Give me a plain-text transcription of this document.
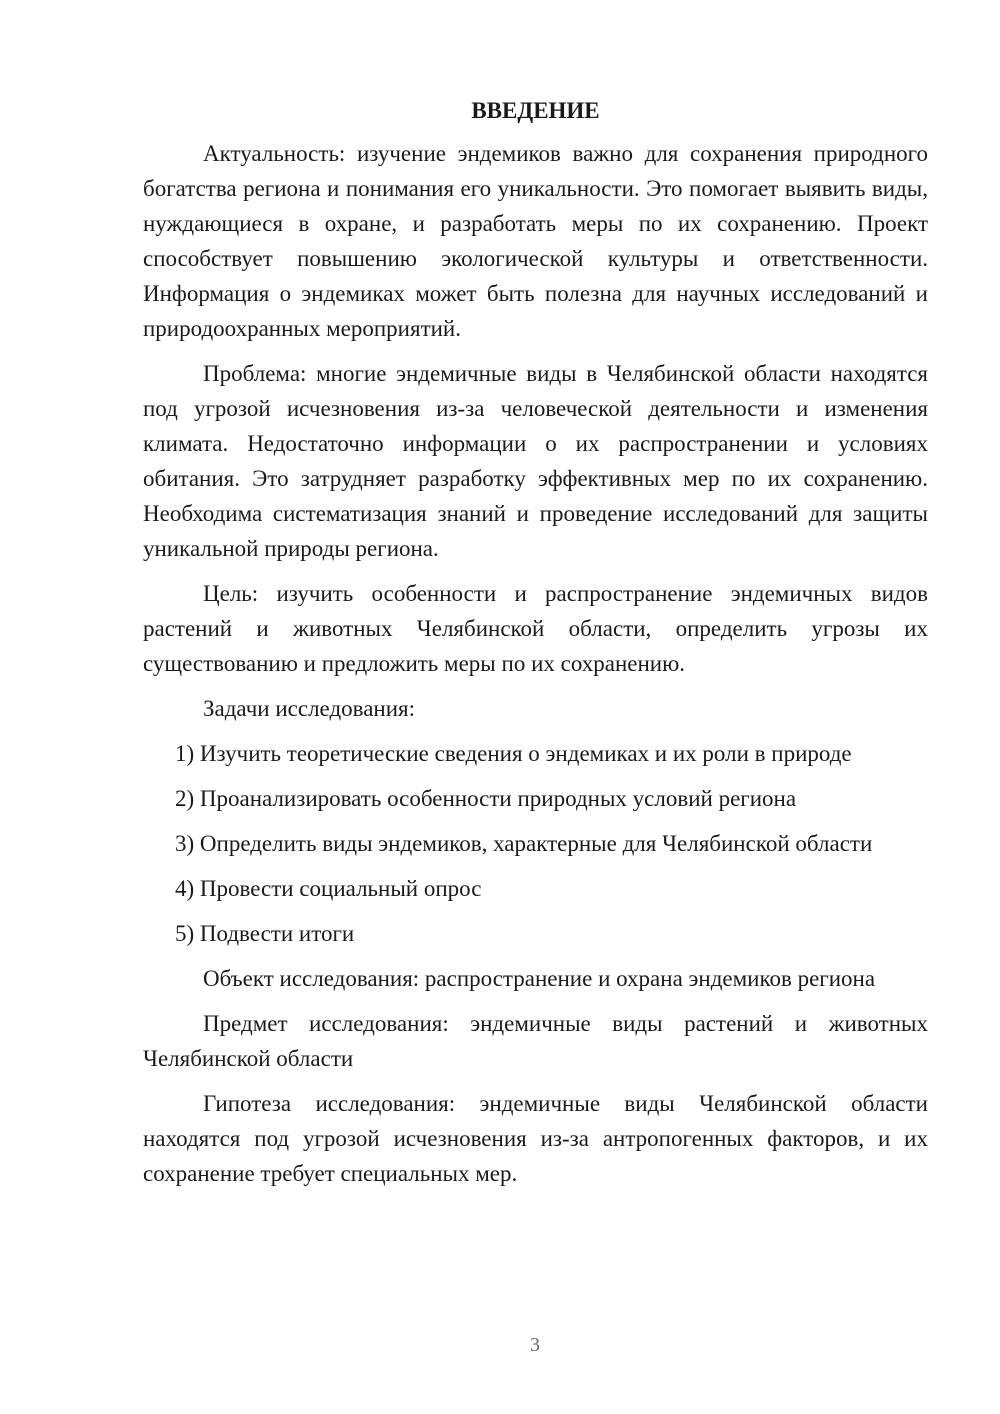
ВВЕДЕНИЕ

Актуальность: изучение эндемиков важно для сохранения природного богатства региона и понимания его уникальности. Это помогает выявить виды, нуждающиеся в охране, и разработать меры по их сохранению. Проект способствует повышению экологической культуры и ответственности. Информация о эндемиках может быть полезна для научных исследований и природоохранных мероприятий.

Проблема: многие эндемичные виды в Челябинской области находятся под угрозой исчезновения из-за человеческой деятельности и изменения климата. Недостаточно информации о их распространении и условиях обитания. Это затрудняет разработку эффективных мер по их сохранению. Необходима систематизация знаний и проведение исследований для защиты уникальной природы региона.

Цель: изучить особенности и распространение эндемичных видов растений и животных Челябинской области, определить угрозы их существованию и предложить меры по их сохранению.

Задачи исследования:

1) Изучить теоретические сведения о эндемиках и их роли в природе

2) Проанализировать особенности природных условий региона

3) Определить виды эндемиков, характерные для Челябинской области

4) Провести социальный опрос

5) Подвести итоги

Объект исследования: распространение и охрана эндемиков региона

Предмет исследования: эндемичные виды растений и животных Челябинской области

Гипотеза исследования: эндемичные виды Челябинской области находятся под угрозой исчезновения из-за антропогенных факторов, и их сохранение требует специальных мер.

3
